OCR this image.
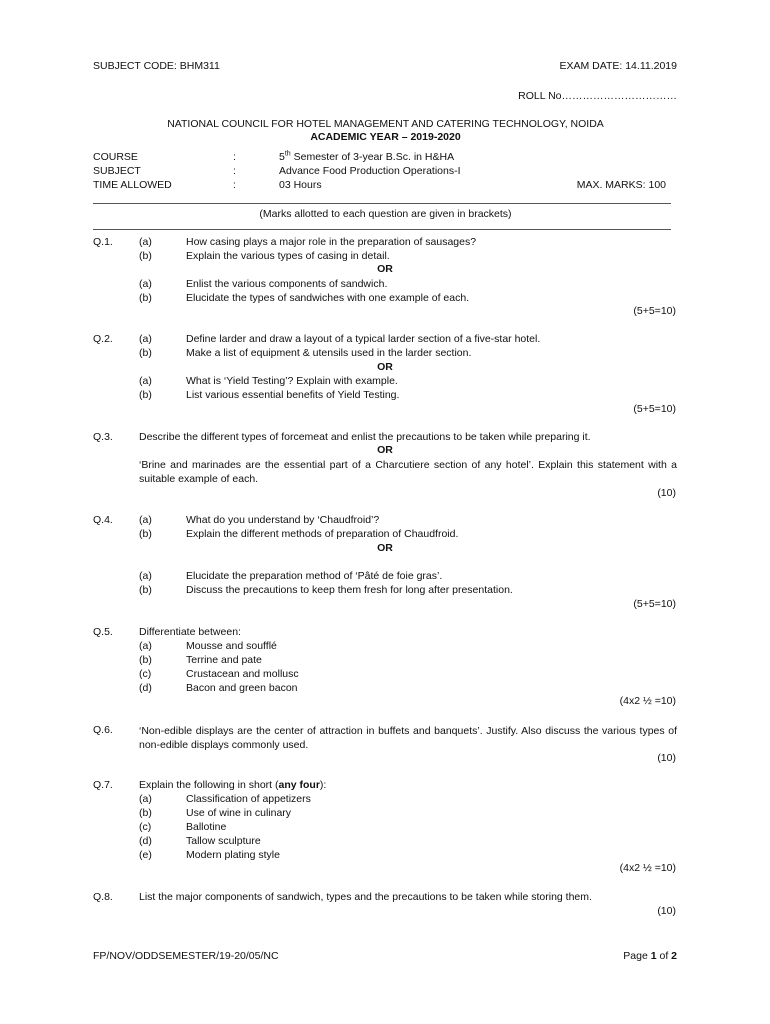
SUBJECT CODE: BHM311	EXAM DATE: 14.11.2019
ROLL No……………………………
NATIONAL COUNCIL FOR HOTEL MANAGEMENT AND CATERING TECHNOLOGY, NOIDA
ACADEMIC YEAR – 2019-2020
COURSE	:	5th Semester of 3-year B.Sc. in H&HA
SUBJECT	:	Advance Food Production Operations-I
TIME ALLOWED	:	03 Hours	MAX. MARKS: 100
(Marks allotted to each question are given in brackets)
Q.1. (a)	How casing plays a major role in the preparation of sausages?
(b)	Explain the various types of casing in detail.
OR
(a)	Enlist the various components of sandwich.
(b)	Elucidate the types of sandwiches with one example of each.
(5+5=10)
Q.2. (a)	Define larder and draw a layout of a typical larder section of a five-star hotel.
(b)	Make a list of equipment & utensils used in the larder section.
OR
(a)	What is ‘Yield Testing’? Explain with example.
(b)	List various essential benefits of Yield Testing.
(5+5=10)
Q.3. Describe the different types of forcemeat and enlist the precautions to be taken while preparing it.
OR
‘Brine and marinades are the essential part of a Charcutiere section of any hotel’. Explain this statement with a suitable example of each.
(10)
Q.4. (a)	What do you understand by ‘Chaudfroid’?
(b)	Explain the different methods of preparation of Chaudfroid.
OR
(a)	Elucidate the preparation method of ‘Pâté de foie gras’.
(b)	Discuss the precautions to keep them fresh for long after presentation.
(5+5=10)
Q.5. Differentiate between:
(a)	Mousse and soufflé
(b)	Terrine and pate
(c)	Crustacean and mollusc
(d)	Bacon and green bacon
(4x2 ½ =10)
Q.6. ‘Non-edible displays are the center of attraction in buffets and banquets’. Justify. Also discuss the various types of non-edible displays commonly used.
(10)
Q.7. Explain the following in short (any four):
(a)	Classification of appetizers
(b)	Use of wine in culinary
(c)	Ballotine
(d)	Tallow sculpture
(e)	Modern plating style
(4x2 ½ =10)
Q.8. List the major components of sandwich, types and the precautions to be taken while storing them.
(10)
FP/NOV/ODDSEMESTER/19-20/05/NC	Page 1 of 2
